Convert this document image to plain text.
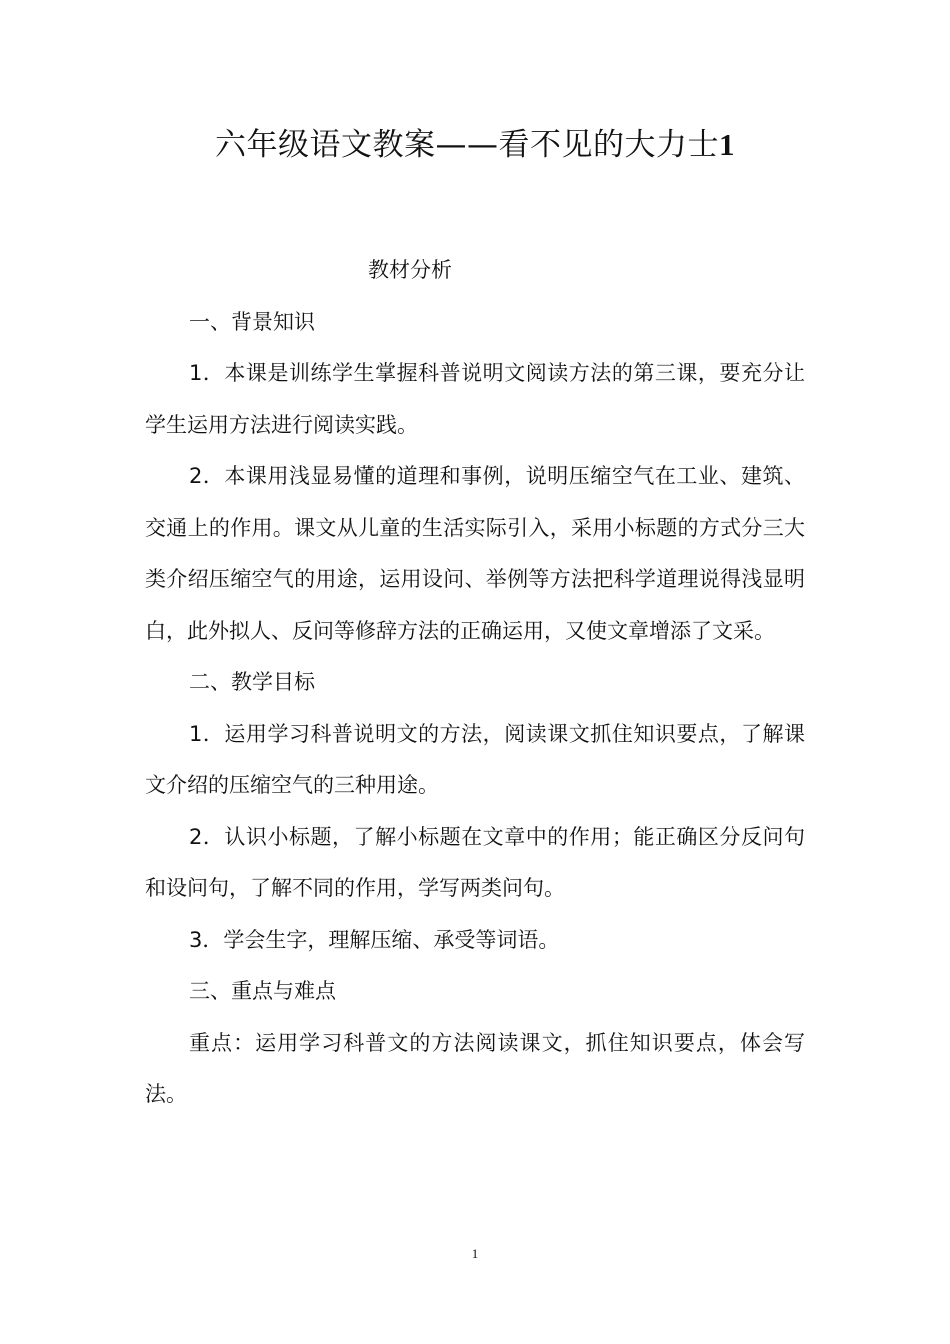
六年级语文教案——看不见的大力士1
教材分析

一、背景知识

1．本课是训练学生掌握科普说明文阅读方法的第三课，要充分让学生运用方法进行阅读实践。

2．本课用浅显易懂的道理和事例，说明压缩空气在工业、建筑、交通上的作用。课文从儿童的生活实际引入，采用小标题的方式分三大类介绍压缩空气的用途，运用设问、举例等方法把科学道理说得浅显明白，此外拟人、反问等修辞方法的正确运用，又使文章增添了文采。

二、教学目标

1．运用学习科普说明文的方法，阅读课文抓住知识要点，了解课文介绍的压缩空气的三种用途。

2．认识小标题，了解小标题在文章中的作用；能正确区分反问句和设问句，了解不同的作用，学写两类问句。

3．学会生字，理解压缩、承受等词语。

三、重点与难点

重点：运用学习科普文的方法阅读课文，抓住知识要点，体会写法。

1
